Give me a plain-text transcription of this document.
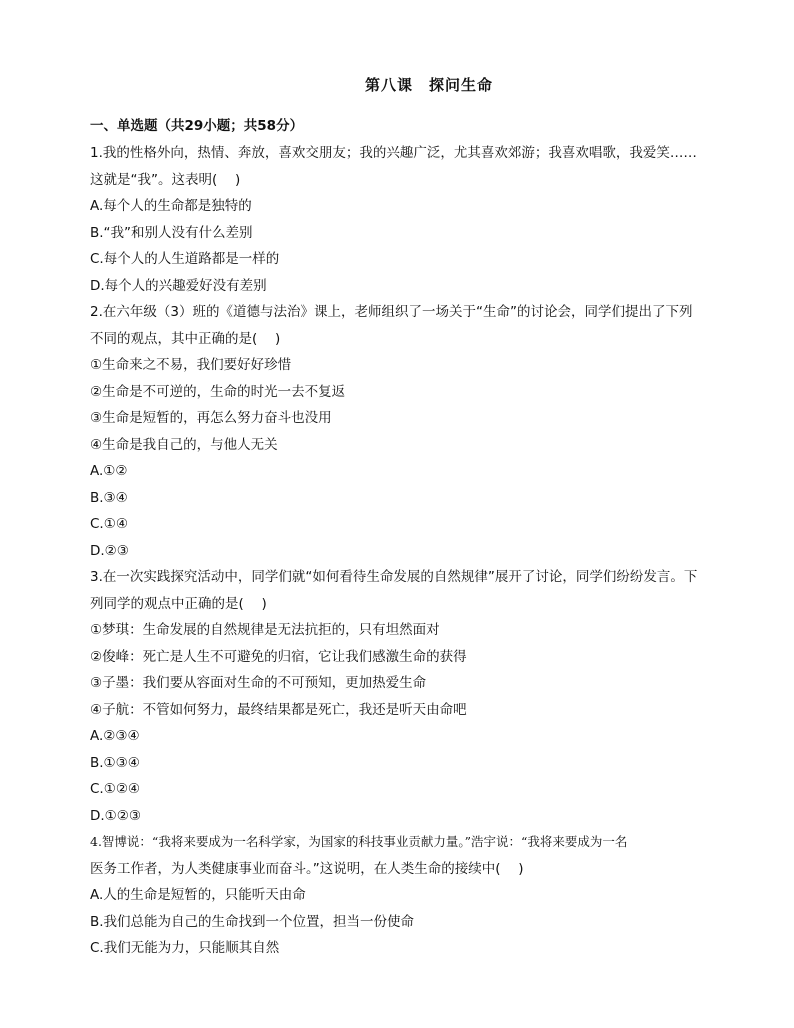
第八课　探问生命
一、单选题（共29小题；共58分）
1.我的性格外向，热情、奔放，喜欢交朋友；我的兴趣广泛，尤其喜欢郊游；我喜欢唱歌，我爱笑……
这就是“我”。这表明(　 )
A.每个人的生命都是独特的
B.“我”和别人没有什么差别
C.每个人的人生道路都是一样的
D.每个人的兴趣爱好没有差别
2.在六年级（3）班的《道德与法治》课上，老师组织了一场关于“生命”的讨论会，同学们提出了下列
不同的观点，其中正确的是(　 )
①生命来之不易，我们要好好珍惜
②生命是不可逆的，生命的时光一去不复返
③生命是短暂的，再怎么努力奋斗也没用
④生命是我自己的，与他人无关
A.①②
B.③④
C.①④
D.②③
3.在一次实践探究活动中，同学们就“如何看待生命发展的自然规律”展开了讨论，同学们纷纷发言。下
列同学的观点中正确的是(　 )
①梦琪：生命发展的自然规律是无法抗拒的，只有坦然面对
②俊峰：死亡是人生不可避免的归宿，它让我们感激生命的获得
③子墨：我们要从容面对生命的不可预知，更加热爱生命
④子航：不管如何努力，最终结果都是死亡，我还是听天由命吧
A.②③④
B.①③④
C.①②④
D.①②③
4.智博说：“我将来要成为一名科学家，为国家的科技事业贡献力量。”浩宇说：“我将来要成为一名
医务工作者，为人类健康事业而奋斗。”这说明，在人类生命的接续中(　 )
A.人的生命是短暂的，只能听天由命
B.我们总能为自己的生命找到一个位置，担当一份使命
C.我们无能为力，只能顺其自然
